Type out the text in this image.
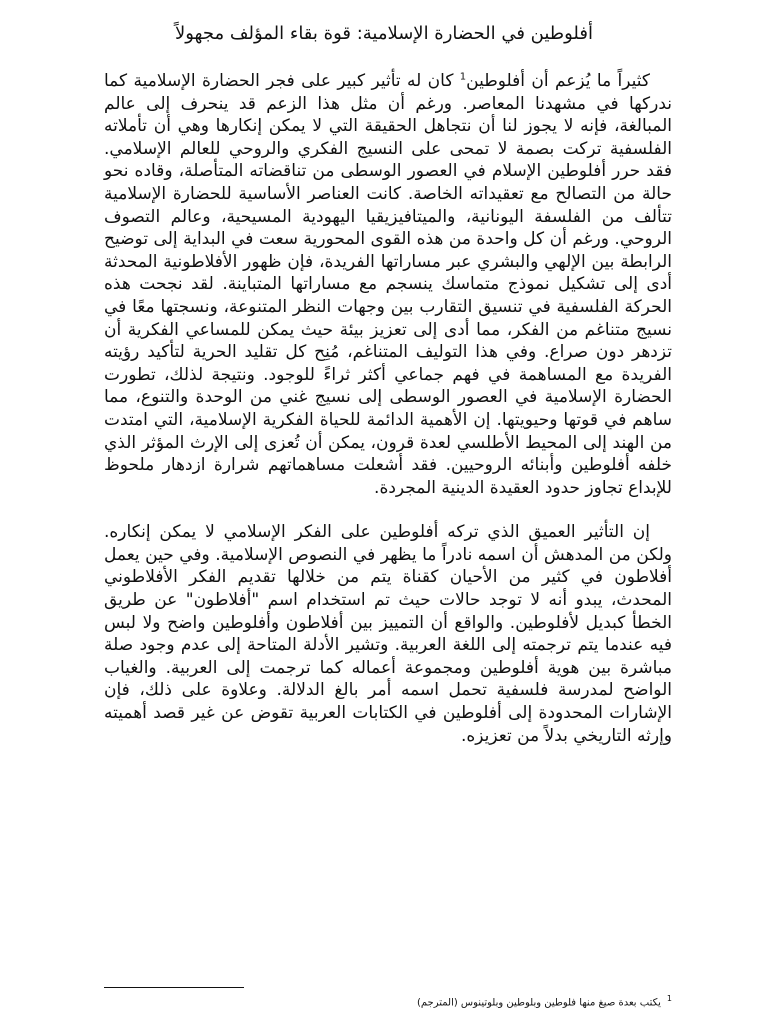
أفلوطين في الحضارة الإسلامية: قوة بقاء المؤلف مجهولاً

كثيراً ما يُزعم أن أفلوطين$^1$ كان له تأثير كبير على فجر الحضارة الإسلامية كما ندركها في مشهدنا المعاصر. ورغم أن مثل هذا الزعم قد ينحرف إلى عالم المبالغة، فإنه لا يجوز لنا أن نتجاهل الحقيقة التي لا يمكن إنكارها وهي أن تأملاته الفلسفية تركت بصمة لا تمحى على النسيج الفكري والروحي للعالم الإسلامي. فقد حرر أفلوطين الإسلام في العصور الوسطى من تناقضاته المتأصلة، وقاده نحو حالة من التصالح مع تعقيداته الخاصة. كانت العناصر الأساسية للحضارة الإسلامية تتألف من الفلسفة اليونانية، والميتافيزيقيا اليهودية المسيحية، وعالم التصوف الروحي. ورغم أن كل واحدة من هذه القوى المحورية سعت في البداية إلى توضيح الرابطة بين الإلهي والبشري عبر مساراتها الفريدة، فإن ظهور الأفلاطونية المحدثة أدى إلى تشكيل نموذج متماسك ينسجم مع مساراتها المتباينة. لقد نجحت هذه الحركة الفلسفية في تنسيق التقارب بين وجهات النظر المتنوعة، ونسجتها معًا في نسيج متناغم من الفكر، مما أدى إلى تعزيز بيئة حيث يمكن للمساعي الفكرية أن تزدهر دون صراع. وفي هذا التوليف المتناغم، مُنِح كل تقليد الحرية لتأكيد رؤيته الفريدة مع المساهمة في فهم جماعي أكثر ثراءً للوجود. ونتيجة لذلك، تطورت الحضارة الإسلامية في العصور الوسطى إلى نسيج غني من الوحدة والتنوع، مما ساهم في قوتها وحيويتها. إن الأهمية الدائمة للحياة الفكرية الإسلامية، التي امتدت من الهند إلى المحيط الأطلسي لعدة قرون، يمكن أن تُعزى إلى الإرث المؤثر الذي خلفه أفلوطين وأبنائه الروحيين. فقد أشعلت مساهماتهم شرارة ازدهار ملحوظ للإبداع تجاوز حدود العقيدة الدينية المجردة.

إن التأثير العميق الذي تركه أفلوطين على الفكر الإسلامي لا يمكن إنكاره. ولكن من المدهش أن اسمه نادراً ما يظهر في النصوص الإسلامية. وفي حين يعمل أفلاطون في كثير من الأحيان كقناة يتم من خلالها تقديم الفكر الأفلاطوني المحدث، يبدو أنه لا توجد حالات حيث تم استخدام اسم "أفلاطون" عن طريق الخطأ كبديل لأفلوطين. والواقع أن التمييز بين أفلاطون وأفلوطين واضح ولا لبس فيه عندما يتم ترجمته إلى اللغة العربية. وتشير الأدلة المتاحة إلى عدم وجود صلة مباشرة بين هوية أفلوطين ومجموعة أعماله كما ترجمت إلى العربية. والغياب الواضح لمدرسة فلسفية تحمل اسمه أمر بالغ الدلالة. وعلاوة على ذلك، فإن الإشارات المحدودة إلى أفلوطين في الكتابات العربية تقوض عن غير قصد أهميته وإرثه التاريخي بدلاً من تعزيزه.

$^1$يكتب بعدة صيغ منها فلوطين وبلوطين وبلوتينوس (المترجم)
